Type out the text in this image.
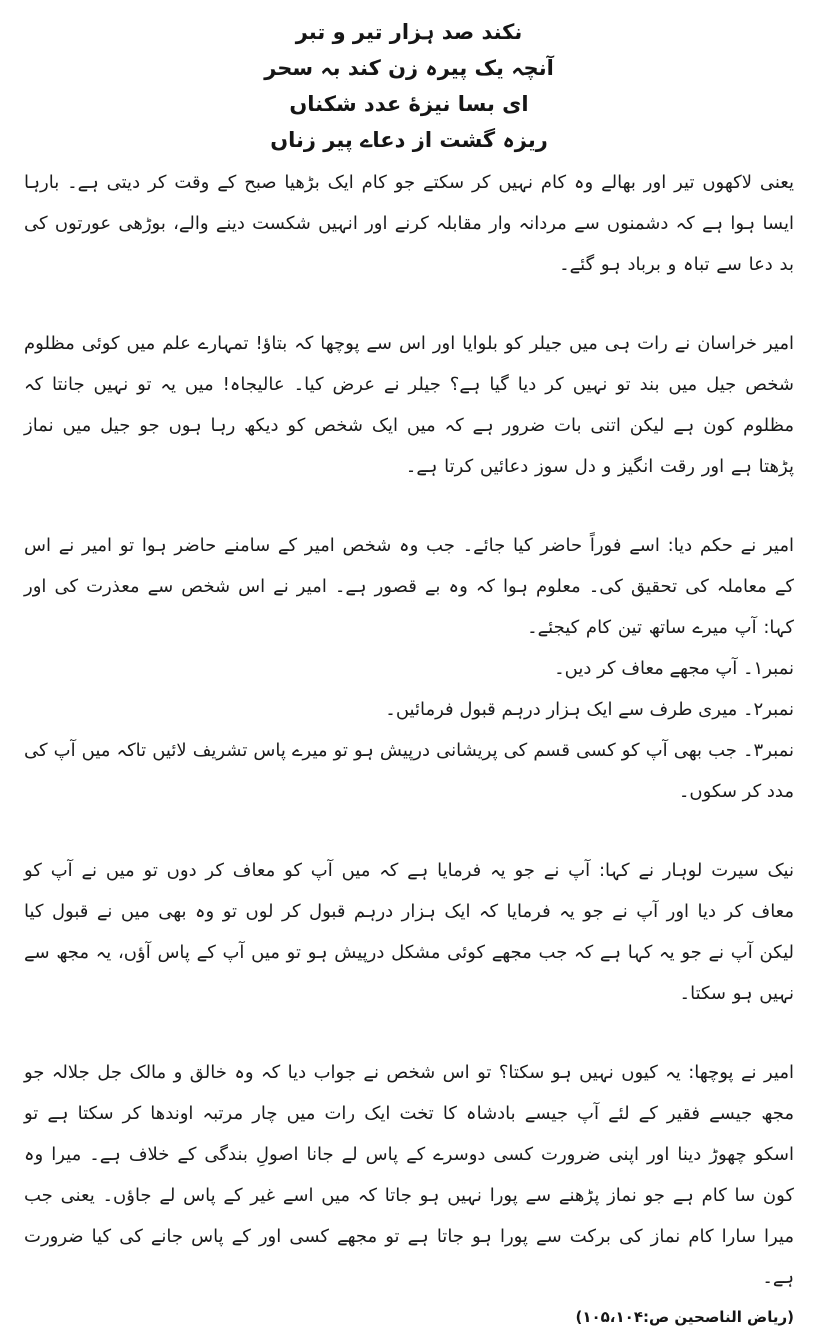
نکند صد ہزار تیر و تبر
آنچہ یک پیرہ زن کند بہ سحر
ای بسا نیزهٔ عدد شکناں
ریزہ گشت از دعاے پیر زناں
یعنی لاکھوں تیر اور بھالے وہ کام نہیں کر سکتے جو کام ایک بڑھیا صبح کے وقت کر دیتی ہے۔ بارہا ایسا ہوا ہے کہ دشمنوں سے مردانہ وار مقابلہ کرنے اور انہیں شکست دینے والے، بوڑھی عورتوں کی بد دعا سے تباہ و برباد ہو گئے۔
امیر خراسان نے رات ہی میں جیلر کو بلوایا اور اس سے پوچھا کہ بتاؤ! تمہارے علم میں کوئی مظلوم شخص جیل میں بند تو نہیں کر دیا گیا ہے؟ جیلر نے عرض کیا۔ عالیجاہ! میں یہ تو نہیں جانتا کہ مظلوم کون ہے لیکن اتنی بات ضرور ہے کہ میں ایک شخص کو دیکھ رہا ہوں جو جیل میں نماز پڑھتا ہے اور رقت انگیز و دل سوز دعائیں کرتا ہے۔
امیر نے حکم دیا: اسے فوراً حاضر کیا جائے۔ جب وہ شخص امیر کے سامنے حاضر ہوا تو امیر نے اس کے معاملہ کی تحقیق کی۔ معلوم ہوا کہ وہ بے قصور ہے۔ امیر نے اس شخص سے معذرت کی اور کہا: آپ میرے ساتھ تین کام کیجئے۔
نمبر۱۔ آپ مجھے معاف کر دیں۔
نمبر۲۔ میری طرف سے ایک ہزار درہم قبول فرمائیں۔
نمبر۳۔ جب بھی آپ کو کسی قسم کی پریشانی درپیش ہو تو میرے پاس تشریف لائیں تاکہ میں آپ کی مدد کر سکوں۔
نیک سیرت لوہار نے کہا: آپ نے جو یہ فرمایا ہے کہ میں آپ کو معاف کر دوں تو میں نے آپ کو معاف کر دیا اور آپ نے جو یہ فرمایا کہ ایک ہزار درہم قبول کر لوں تو وہ بھی میں نے قبول کیا لیکن آپ نے جو یہ کہا ہے کہ جب مجھے کوئی مشکل درپیش ہو تو میں آپ کے پاس آؤں، یہ مجھ سے نہیں ہو سکتا۔
امیر نے پوچھا: یہ کیوں نہیں ہو سکتا؟ تو اس شخص نے جواب دیا کہ وہ خالق و مالک جل جلالہ جو مجھ جیسے فقیر کے لئے آپ جیسے بادشاہ کا تخت ایک رات میں چار مرتبہ اوندھا کر سکتا ہے تو اسکو چھوڑ دینا اور اپنی ضرورت کسی دوسرے کے پاس لے جانا اصولِ بندگی کے خلاف ہے۔ میرا وہ کون سا کام ہے جو نماز پڑھنے سے پورا نہیں ہو جاتا کہ میں اسے غیر کے پاس لے جاؤں۔ یعنی جب میرا سارا کام نماز کی برکت سے پورا ہو جاتا ہے تو مجھے کسی اور کے پاس جانے کی کیا ضرورت ہے۔
(ریاض الناصحین ص:۱۰۵،۱۰۴)
